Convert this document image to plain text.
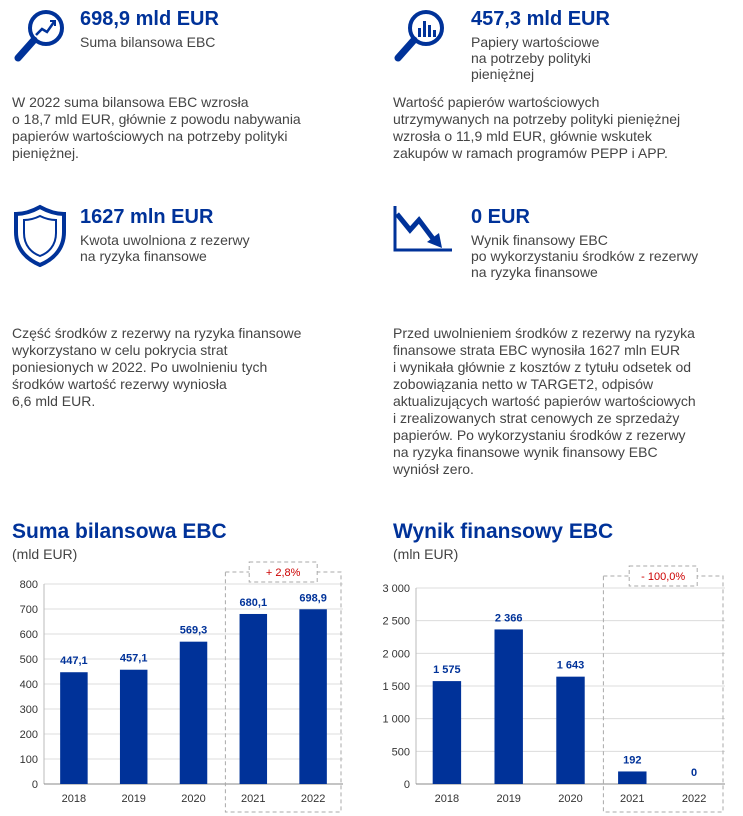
698,9 mld EUR
Suma bilansowa EBC
W 2022 suma bilansowa EBC wzrosła
o 18,7 mld EUR, głównie z powodu nabywania
papierów wartościowych na potrzeby polityki
pieniężnej.
457,3 mld EUR
Papiery wartościowe
na potrzeby polityki
pieniężnej
Wartość papierów wartościowych
utrzymywanych na potrzeby polityki pieniężnej
wzrosła o 11,9 mld EUR, głównie wskutek
zakupów w ramach programów PEPP i APP.
1627 mln EUR
Kwota uwolniona z rezerwy
na ryzyka finansowe
Część środków z rezerwy na ryzyka finansowe
wykorzystano w celu pokrycia strat
poniesionych w 2022. Po uwolnieniu tych
środków wartość rezerwy wyniosła
6,6 mld EUR.
0 EUR
Wynik finansowy EBC
po wykorzystaniu środków z rezerwy
na ryzyka finansowe
Przed uwolnieniem środków z rezerwy na ryzyka
finansowe strata EBC wynosiła 1627 mln EUR
i wynikała głównie z kosztów z tytułu odsetek od
zobowiązania netto w TARGET2, odpisów
aktualizujących wartość papierów wartościowych
i zrealizowanych strat cenowych ze sprzedaży
papierów. Po wykorzystaniu środków z rezerwy
na ryzyka finansowe wynik finansowy EBC
wyniósł zero.
Suma bilansowa EBC
(mld EUR)
0
100
200
300
400
500
600
700
800
+ 2,8%
447,1
2018
457,1
2019
569,3
2020
680,1
2021
698,9
2022
Wynik finansowy EBC
(mln EUR)
0
500
1 000
1 500
2 000
2 500
3 000
- 100,0%
1 575
2018
2 366
2019
1 643
2020
192
2021
0
2022
